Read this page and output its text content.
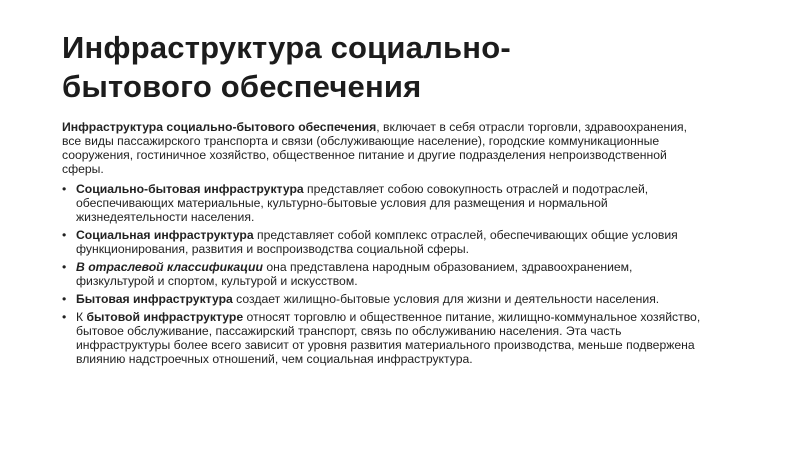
Инфраструктура социально-
бытового обеспечения

Инфраструктура социально-бытового обеспечения, включает в себя отрасли торговли, здравоохранения, все виды пассажирского транспорта и связи (обслуживающие население), городские коммуникационные сооружения, гостиничное хозяйство, общественное питание и другие подразделения непроизводственной сферы.

• Социально-бытовая инфраструктура представляет собою совокупность отраслей и подотраслей, обеспечивающих материальные, культурно-бытовые условия для размещения и нормальной жизнедеятельности населения.
• Социальная инфраструктура представляет собой комплекс отраслей, обеспечивающих общие условия функционирования, развития и воспроизводства социальной сферы.
• В отраслевой классификации она представлена народным образованием, здравоохранением, физкультурой и спортом, культурой и искусством.
• Бытовая инфраструктура создает жилищно-бытовые условия для жизни и деятельности населения.
• К бытовой инфраструктуре относят торговлю и общественное питание, жилищно-коммунальное хозяйство, бытовое обслуживание, пассажирский транспорт, связь по обслуживанию населения. Эта часть инфраструктуры более всего зависит от уровня развития материального производства, меньше подвержена влиянию надстроечных отношений, чем социальная инфраструктура.
